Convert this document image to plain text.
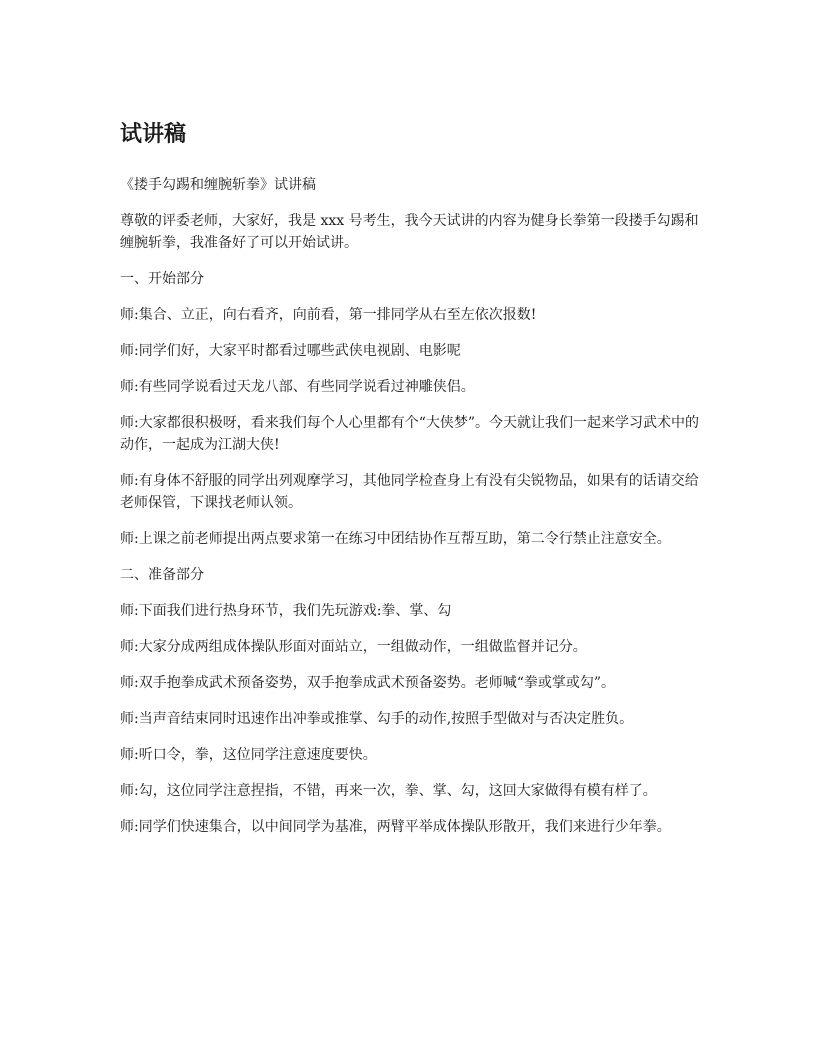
试讲稿

《搂手勾踢和缠腕斩拳》试讲稿

尊敬的评委老师，大家好，我是 xxx 号考生，我今天试讲的内容为健身长拳第一段搂手勾踢和缠腕斩拳，我准备好了可以开始试讲。

一、开始部分

师:集合、立正，向右看齐，向前看，第一排同学从右至左依次报数!

师:同学们好，大家平时都看过哪些武侠电视剧、电影呢

师:有些同学说看过天龙八部、有些同学说看过神雕侠侣。

师:大家都很积极呀，看来我们每个人心里都有个“大侠梦”。今天就让我们一起来学习武术中的动作，一起成为江湖大侠!

师:有身体不舒服的同学出列观摩学习，其他同学检查身上有没有尖锐物品，如果有的话请交给老师保管，下课找老师认领。

师:上课之前老师提出两点要求第一在练习中团结协作互帮互助，第二令行禁止注意安全。

二、准备部分

师:下面我们进行热身环节，我们先玩游戏:拳、掌、勾

师:大家分成两组成体操队形面对面站立，一组做动作，一组做监督并记分。

师:双手抱拳成武术预备姿势，双手抱拳成武术预备姿势。老师喊“拳或掌或勾”。

师:当声音结束同时迅速作出冲拳或推掌、勾手的动作,按照手型做对与否决定胜负。

师:听口令，拳，这位同学注意速度要快。

师:勾，这位同学注意捏指，不错，再来一次，拳、掌、勾，这回大家做得有模有样了。

师:同学们快速集合，以中间同学为基准，两臂平举成体操队形散开，我们来进行少年拳。
